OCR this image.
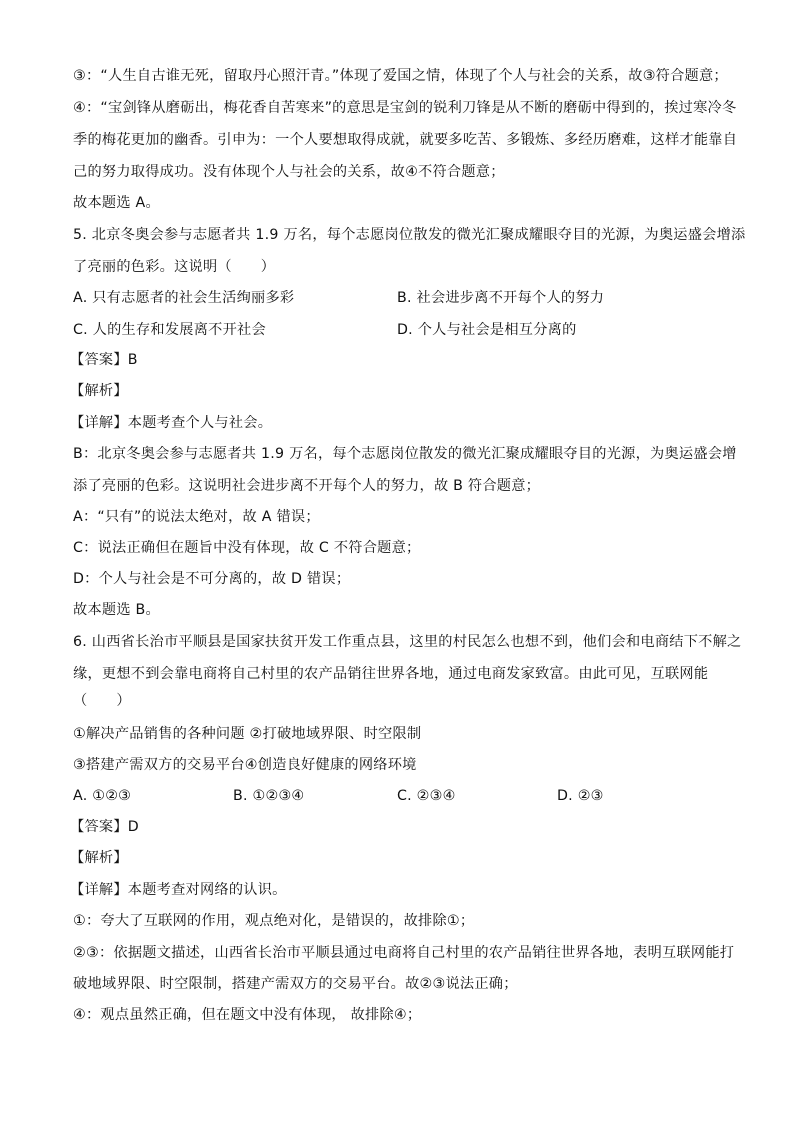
③：“人生自古谁无死，留取丹心照汗青。”体现了爱国之情，体现了个人与社会的关系，故③符合题意；
④：“宝剑锋从磨砺出，梅花香自苦寒来”的意思是宝剑的锐利刀锋是从不断的磨砺中得到的，挨过寒冷冬
季的梅花更加的幽香。引申为：一个人要想取得成就，就要多吃苦、多锻炼、多经历磨难，这样才能靠自
己的努力取得成功。没有体现个人与社会的关系，故④不符合题意；
故本题选 A。
5. 北京冬奥会参与志愿者共 1.9 万名，每个志愿岗位散发的微光汇聚成耀眼夺目的光源，为奥运盛会增添
了亮丽的色彩。这说明（　　）
A. 只有志愿者的社会生活绚丽多彩	B. 社会进步离不开每个人的努力
C. 人的生存和发展离不开社会	D. 个人与社会是相互分离的
【答案】B
【解析】
【详解】本题考查个人与社会。
B：北京冬奥会参与志愿者共 1.9 万名，每个志愿岗位散发的微光汇聚成耀眼夺目的光源，为奥运盛会增
添了亮丽的色彩。这说明社会进步离不开每个人的努力，故 B 符合题意；
A：“只有”的说法太绝对，故 A 错误；
C：说法正确但在题旨中没有体现，故 C 不符合题意；
D：个人与社会是不可分离的，故 D 错误；
故本题选 B。
6. 山西省长治市平顺县是国家扶贫开发工作重点县，这里的村民怎么也想不到，他们会和电商结下不解之
缘，更想不到会靠电商将自己村里的农产品销往世界各地，通过电商发家致富。由此可见，互联网能
（　　）
①解决产品销售的各种问题 ②打破地域界限、时空限制
③搭建产需双方的交易平台④创造良好健康的网络环境
A. ①②③	B. ①②③④	C. ②③④	D. ②③
【答案】D
【解析】
【详解】本题考查对网络的认识。
①：夸大了互联网的作用，观点绝对化，是错误的，故排除①；
②③：依据题文描述，山西省长治市平顺县通过电商将自己村里的农产品销往世界各地，表明互联网能打
破地域界限、时空限制，搭建产需双方的交易平台。故②③说法正确；
④：观点虽然正确，但在题文中没有体现， 故排除④；
